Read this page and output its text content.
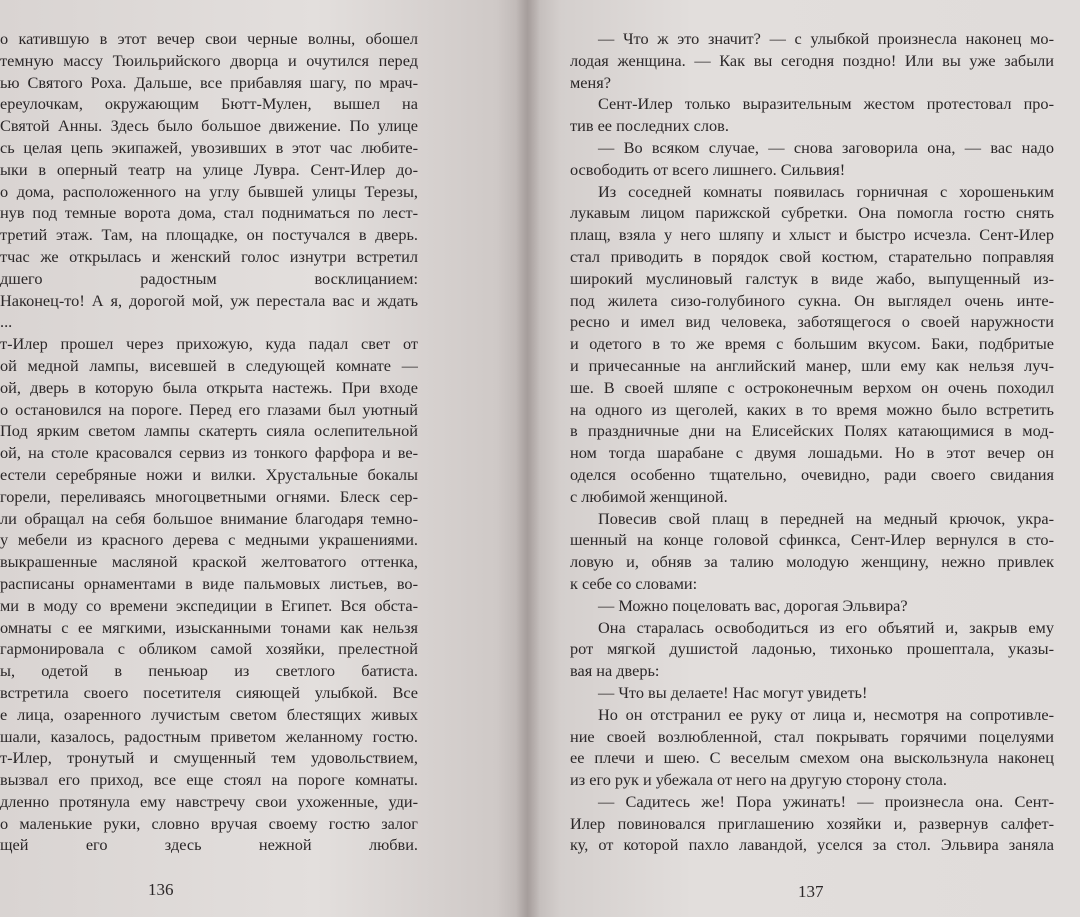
о катившую в этот вечер свои черные волны, обошел
темную массу Тюильрийского дворца и очутился перед
ью Святого Роха. Дальше, все прибавляя шагу, по мрач-
ереулочкам, окружающим Бютт-Мулен, вышел на
Святой Анны. Здесь было большое движение. По улице
сь целая цепь экипажей, увозивших в этот час любите-
ыки в оперный театр на улице Лувра. Сент-Илер до-
о дома, расположенного на углу бывшей улицы Терезы,
нув под темные ворота дома, стал подниматься по лест-
третий этаж. Там, на площадке, он постучался в дверь.
тчас же открылась и женский голос изнутри встретил
дшего радостным восклицанием:
Наконец-то! А я, дорогой мой, уж перестала вас и ждать
...
т-Илер прошел через прихожую, куда падал свет от
ой медной лампы, висевшей в следующей комнате —
ой, дверь в которую была открыта настежь. При входе
о остановился на пороге. Перед его глазами был уютный
Под ярким светом лампы скатерть сияла ослепительной
ой, на столе красовался сервиз из тонкого фарфора и ве-
естели серебряные ножи и вилки. Хрустальные бокалы
горели, переливаясь многоцветными огнями. Блеск сер-
ли обращал на себя большое внимание благодаря темно-
у мебели из красного дерева с медными украшениями.
выкрашенные масляной краской желтоватого оттенка,
расписаны орнаментами в виде пальмовых листьев, во-
ми в моду со времени экспедиции в Египет. Вся обста-
омнаты с ее мягкими, изысканными тонами как нельзя
гармонировала с обликом самой хозяйки, прелестной
ы, одетой в пеньюар из светлого батиста.
встретила своего посетителя сияющей улыбкой. Все
е лица, озаренного лучистым светом блестящих живых
шали, казалось, радостным приветом желанному гостю.
т-Илер, тронутый и смущенный тем удовольствием,
вызвал его приход, все еще стоял на пороге комнаты.
дленно протянула ему навстречу свои ухоженные, уди-
о маленькие руки, словно вручая своему гостю залог
щей его здесь нежной любви.
136
— Что ж это значит? — с улыбкой произнесла наконец мо-
лодая женщина. — Как вы сегодня поздно! Или вы уже забыли
меня?
Сент-Илер только выразительным жестом протестовал про-
тив ее последних слов.
— Во всяком случае, — снова заговорила она, — вас надо
освободить от всего лишнего. Сильвия!
Из соседней комнаты появилась горничная с хорошеньким
лукавым лицом парижской субретки. Она помогла гостю снять
плащ, взяла у него шляпу и хлыст и быстро исчезла. Сент-Илер
стал приводить в порядок свой костюм, старательно поправляя
широкий муслиновый галстук в виде жабо, выпущенный из-
под жилета сизо-голубиного сукна. Он выглядел очень инте-
ресно и имел вид человека, заботящегося о своей наружности
и одетого в то же время с большим вкусом. Баки, подбритые
и причесанные на английский манер, шли ему как нельзя луч-
ше. В своей шляпе с остроконечным верхом он очень походил
на одного из щеголей, каких в то время можно было встретить
в праздничные дни на Елисейских Полях катающимися в мод-
ном тогда шарабане с двумя лошадьми. Но в этот вечер он
оделся особенно тщательно, очевидно, ради своего свидания
с любимой женщиной.
Повесив свой плащ в передней на медный крючок, укра-
шенный на конце головой сфинкса, Сент-Илер вернулся в сто-
ловую и, обняв за талию молодую женщину, нежно привлек
к себе со словами:
— Можно поцеловать вас, дорогая Эльвира?
Она старалась освободиться из его объятий и, закрыв ему
рот мягкой душистой ладонью, тихонько прошептала, указы-
вая на дверь:
— Что вы делаете! Нас могут увидеть!
Но он отстранил ее руку от лица и, несмотря на сопротивле-
ние своей возлюбленной, стал покрывать горячими поцелуями
ее плечи и шею. С веселым смехом она выскользнула наконец
из его рук и убежала от него на другую сторону стола.
— Садитесь же! Пора ужинать! — произнесла она. Сент-
Илер повиновался приглашению хозяйки и, развернув салфет-
ку, от которой пахло лавандой, уселся за стол. Эльвира заняла
137
